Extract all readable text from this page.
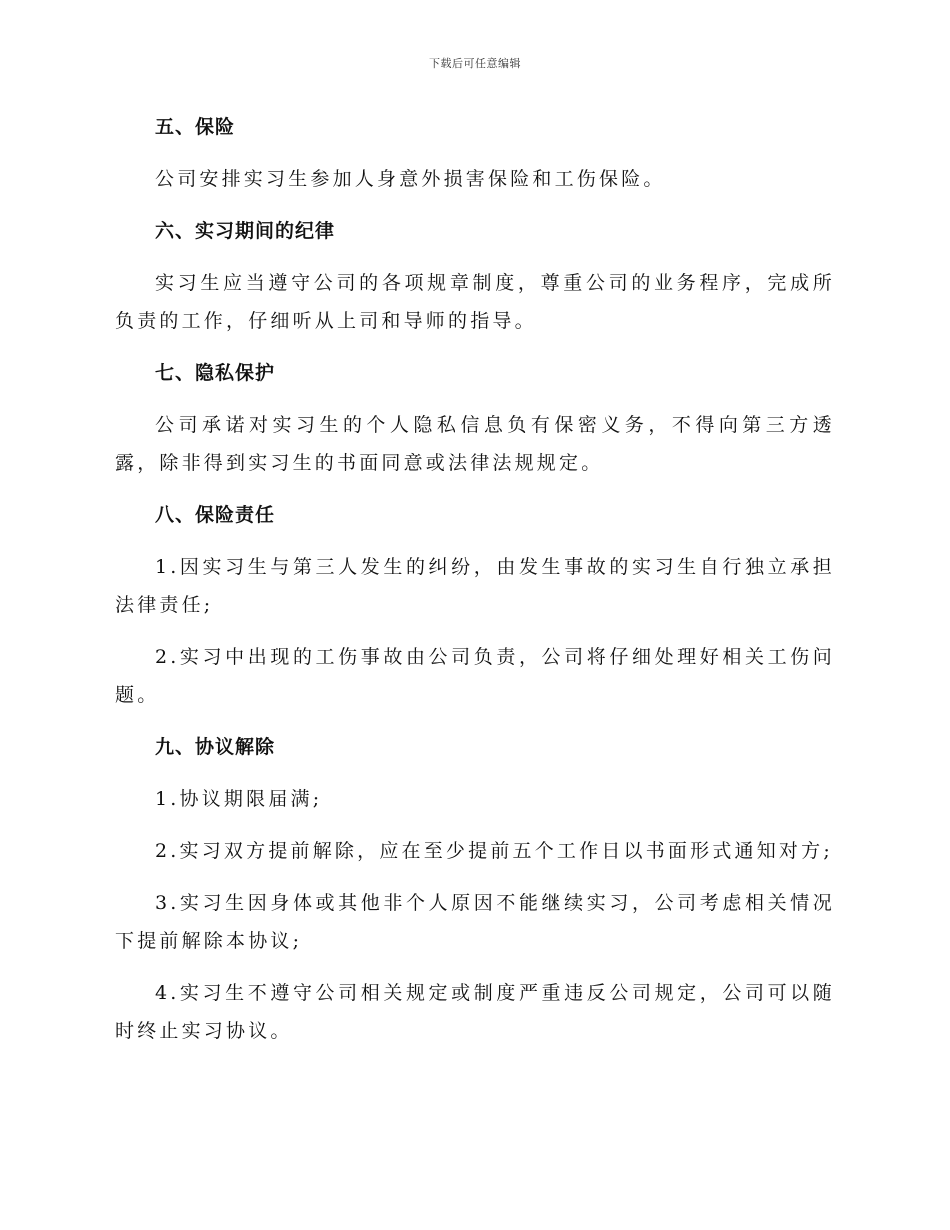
下载后可任意编辑
五、保险
公司安排实习生参加人身意外损害保险和工伤保险。
六、实习期间的纪律
实习生应当遵守公司的各项规章制度，尊重公司的业务程序，完成所负责的工作，仔细听从上司和导师的指导。
七、隐私保护
公司承诺对实习生的个人隐私信息负有保密义务，不得向第三方透露，除非得到实习生的书面同意或法律法规规定。
八、保险责任
1.因实习生与第三人发生的纠纷，由发生事故的实习生自行独立承担法律责任;
2.实习中出现的工伤事故由公司负责，公司将仔细处理好相关工伤问题。
九、协议解除
1.协议期限届满;
2.实习双方提前解除，应在至少提前五个工作日以书面形式通知对方;
3.实习生因身体或其他非个人原因不能继续实习，公司考虑相关情况下提前解除本协议;
4.实习生不遵守公司相关规定或制度严重违反公司规定，公司可以随时终止实习协议。
